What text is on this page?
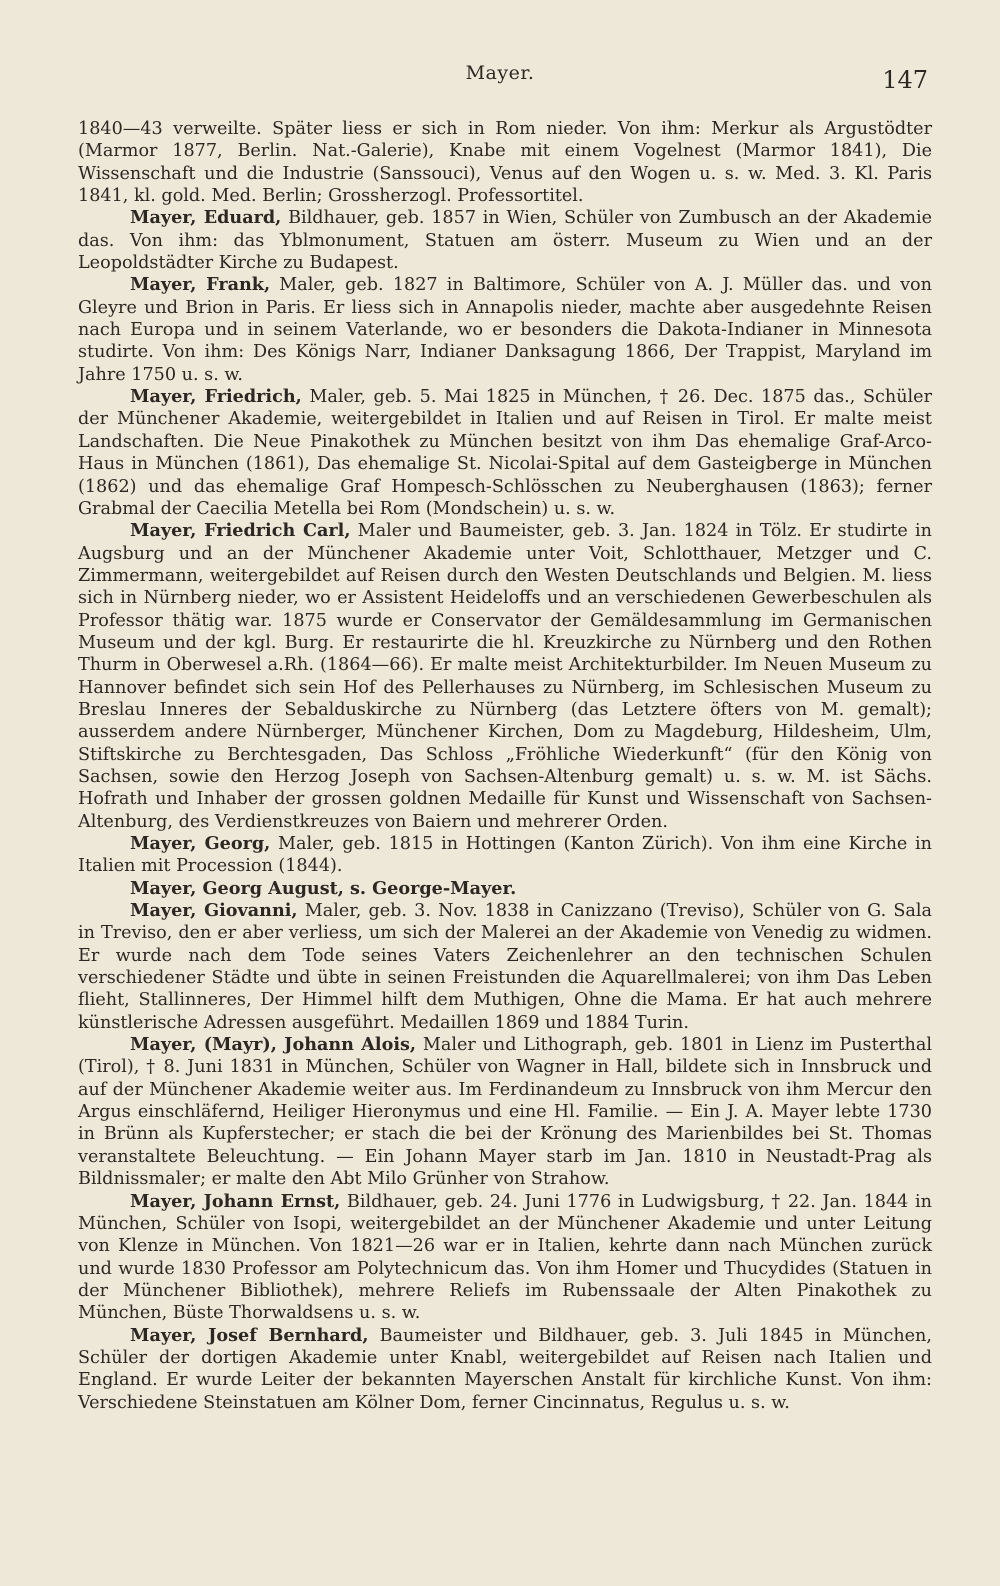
Mayer.	147

1840—43 verweilte. Später liess er sich in Rom nieder. Von ihm: Merkur als Argustödter (Marmor 1877, Berlin. Nat.-Galerie), Knabe mit einem Vogelnest (Marmor 1841), Die Wissenschaft und die Industrie (Sanssouci), Venus auf den Wogen u. s. w. Med. 3. Kl. Paris 1841, kl. gold. Med. Berlin; Grossherzogl. Professortitel.

Mayer, Eduard, Bildhauer, geb. 1857 in Wien, Schüler von Zumbusch an der Akademie das. Von ihm: das Yblmonument, Statuen am österr. Museum zu Wien und an der Leopoldstädter Kirche zu Budapest.

Mayer, Frank, Maler, geb. 1827 in Baltimore, Schüler von A. J. Müller das. und von Gleyre und Brion in Paris. Er liess sich in Annapolis nieder, machte aber ausgedehnte Reisen nach Europa und in seinem Vaterlande, wo er besonders die Dakota-Indianer in Minnesota studirte. Von ihm: Des Königs Narr, Indianer Danksagung 1866, Der Trappist, Maryland im Jahre 1750 u. s. w.

Mayer, Friedrich, Maler, geb. 5. Mai 1825 in München, † 26. Dec. 1875 das., Schüler der Münchener Akademie, weitergebildet in Italien und auf Reisen in Tirol. Er malte meist Landschaften. Die Neue Pinakothek zu München besitzt von ihm Das ehemalige Graf-Arco-Haus in München (1861), Das ehemalige St. Nicolai-Spital auf dem Gasteigberge in München (1862) und das ehemalige Graf Hompesch-Schlösschen zu Neuberghausen (1863); ferner Grabmal der Caecilia Metella bei Rom (Mondschein) u. s. w.

Mayer, Friedrich Carl, Maler und Baumeister, geb. 3. Jan. 1824 in Tölz. Er studirte in Augsburg und an der Münchener Akademie unter Voit, Schlotthauer, Metzger und C. Zimmermann, weitergebildet auf Reisen durch den Westen Deutschlands und Belgien. M. liess sich in Nürnberg nieder, wo er Assistent Heideloffs und an verschiedenen Gewerbeschulen als Professor thätig war. 1875 wurde er Conservator der Gemäldesammlung im Germanischen Museum und der kgl. Burg. Er restaurirte die hl. Kreuzkirche zu Nürnberg und den Rothen Thurm in Oberwesel a.Rh. (1864—66). Er malte meist Architekturbilder. Im Neuen Museum zu Hannover befindet sich sein Hof des Pellerhauses zu Nürnberg, im Schlesischen Museum zu Breslau Inneres der Sebalduskirche zu Nürnberg (das Letztere öfters von M. gemalt); ausserdem andere Nürnberger, Münchener Kirchen, Dom zu Magdeburg, Hildesheim, Ulm, Stiftskirche zu Berchtesgaden, Das Schloss „Fröhliche Wiederkunft“ (für den König von Sachsen, sowie den Herzog Joseph von Sachsen-Altenburg gemalt) u. s. w. M. ist Sächs. Hofrath und Inhaber der grossen goldnen Medaille für Kunst und Wissenschaft von Sachsen-Altenburg, des Verdienstkreuzes von Baiern und mehrerer Orden.

Mayer, Georg, Maler, geb. 1815 in Hottingen (Kanton Zürich). Von ihm eine Kirche in Italien mit Procession (1844).

Mayer, Georg August, s. George-Mayer.

Mayer, Giovanni, Maler, geb. 3. Nov. 1838 in Canizzano (Treviso), Schüler von G. Sala in Treviso, den er aber verliess, um sich der Malerei an der Akademie von Venedig zu widmen. Er wurde nach dem Tode seines Vaters Zeichenlehrer an den technischen Schulen verschiedener Städte und übte in seinen Freistunden die Aquarellmalerei; von ihm Das Leben flieht, Stallinneres, Der Himmel hilft dem Muthigen, Ohne die Mama. Er hat auch mehrere künstlerische Adressen ausgeführt. Medaillen 1869 und 1884 Turin.

Mayer, (Mayr), Johann Alois, Maler und Lithograph, geb. 1801 in Lienz im Pusterthal (Tirol), † 8. Juni 1831 in München, Schüler von Wagner in Hall, bildete sich in Innsbruck und auf der Münchener Akademie weiter aus. Im Ferdinandeum zu Innsbruck von ihm Mercur den Argus einschläfernd, Heiliger Hieronymus und eine Hl. Familie. — Ein J. A. Mayer lebte 1730 in Brünn als Kupferstecher; er stach die bei der Krönung des Marienbildes bei St. Thomas veranstaltete Beleuchtung. — Ein Johann Mayer starb im Jan. 1810 in Neustadt-Prag als Bildnissmaler; er malte den Abt Milo Grünher von Strahow.

Mayer, Johann Ernst, Bildhauer, geb. 24. Juni 1776 in Ludwigsburg, † 22. Jan. 1844 in München, Schüler von Isopi, weitergebildet an der Münchener Akademie und unter Leitung von Klenze in München. Von 1821—26 war er in Italien, kehrte dann nach München zurück und wurde 1830 Professor am Polytechnicum das. Von ihm Homer und Thucydides (Statuen in der Münchener Bibliothek), mehrere Reliefs im Rubenssaale der Alten Pinakothek zu München, Büste Thorwaldsens u. s. w.

Mayer, Josef Bernhard, Baumeister und Bildhauer, geb. 3. Juli 1845 in München, Schüler der dortigen Akademie unter Knabl, weitergebildet auf Reisen nach Italien und England. Er wurde Leiter der bekannten Mayerschen Anstalt für kirchliche Kunst. Von ihm: Verschiedene Steinstatuen am Kölner Dom, ferner Cincinnatus, Regulus u. s. w.
